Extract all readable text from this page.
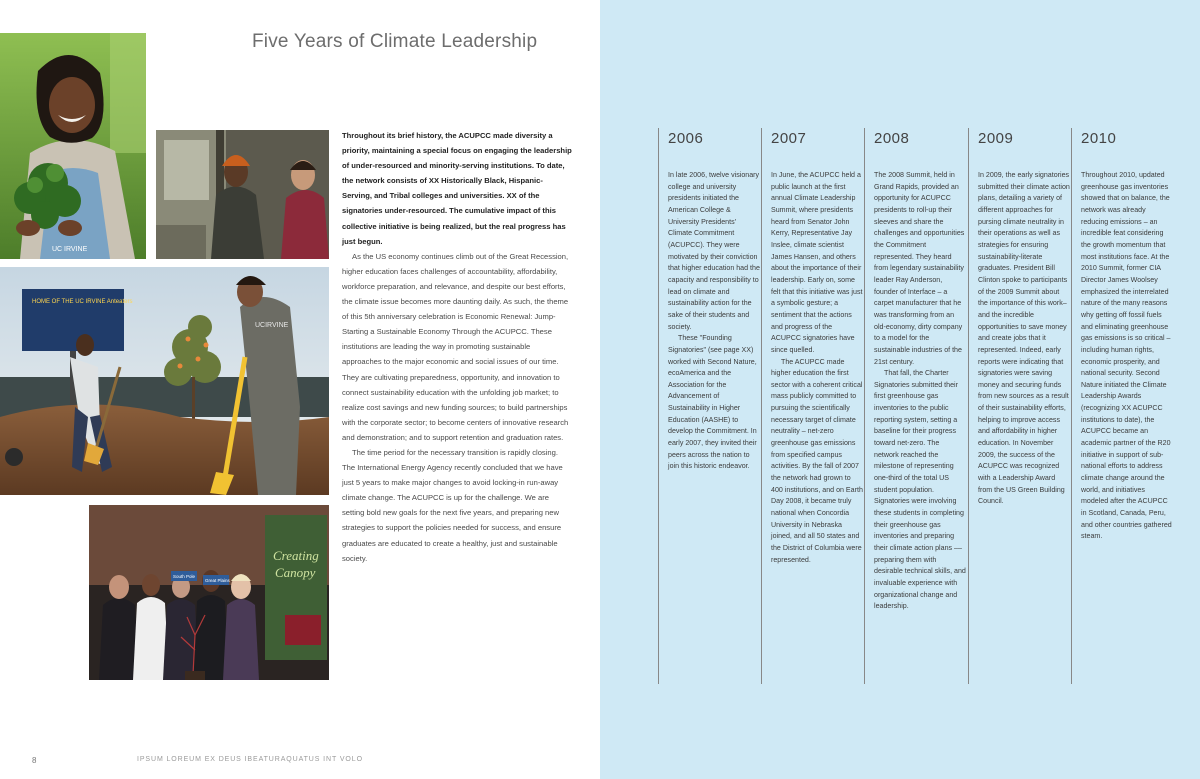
UC IRVINE
HOME OF THE UC IRVINE Anteaters
UCIRVINE
Creating
Canopy
South Pole
Great Plains
Five Years of Climate Leadership

Throughout its brief history, the ACUPCC made diversity a priority, maintaining a special focus on engaging the leadership of under-resourced and minority-serving institutions. To date, the network consists of XX Historically Black, Hispanic-Serving, and Tribal colleges and universities. XX of the signatories under-resourced. The cumulative impact of this collective initiative is being realized, but the real progress has just begun.

As the US economy continues climb out of the Great Recession, higher education faces challenges of accountability, affordability, workforce preparation, and relevance, and despite our best efforts, the climate issue becomes more daunting daily. As such, the theme of this 5th anniversary celebration is Economic Renewal: Jump-Starting a Sustainable Economy Through the ACUPCC. These institutions are leading the way in promoting sustainable approaches to the major economic and social issues of our time. They are cultivating preparedness, opportunity, and innovation to connect sustainability education with the unfolding job market; to realize cost savings and new funding sources; to build partnerships with the corporate sector; to become centers of innovative research and demonstration; and to support retention and graduation rates.

The time period for the necessary transition is rapidly closing. The International Energy Agency recently concluded that we have just 5 years to make major changes to avoid locking-in run-away climate change. The ACUPCC is up for the challenge. We are setting bold new goals for the next five years, and preparing new strategies to support the policies needed for success, and ensure graduates are educated to create a healthy, just and sustainable society.

8	IPSUM LOREUM EX DEUS IBEATURAQUATUS INT VOLO
2006

In late 2006, twelve visionary college and university presidents initiated the American College & University Presidents' Climate Commitment (ACUPCC). They were motivated by their conviction that higher education had the capacity and responsibility to lead on climate and sustainability action for the sake of their students and society.

These "Founding Signatories" (see page XX) worked with Second Nature, ecoAmerica and the Association for the Advancement of Sustainability in Higher Education (AASHE) to develop the Commitment. In early 2007, they invited their peers across the nation to join this historic endeavor.

2007

In June, the ACUPCC held a public launch at the first annual Climate Leadership Summit, where presidents heard from Senator John Kerry, Representative Jay Inslee, climate scientist James Hansen, and others about the importance of their leadership. Early on, some felt that this initiative was just a symbolic gesture; a sentiment that the actions and progress of the ACUPCC signatories have since quelled.

The ACUPCC made higher education the first sector with a coherent critical mass publicly committed to pursuing the scientifically necessary target of climate neutrality – net-zero greenhouse gas emissions from specified campus activities. By the fall of 2007 the network had grown to 400 institutions, and on Earth Day 2008, it became truly national when Concordia University in Nebraska joined, and all 50 states and the District of Columbia were represented.

2008

The 2008 Summit, held in Grand Rapids, provided an opportunity for ACUPCC presidents to roll-up their sleeves and share the challenges and opportunities the Commitment represented. They heard from legendary sustainability leader Ray Anderson, founder of Interface – a carpet manufacturer that he was transforming from an old-economy, dirty company to a model for the sustainable industries of the 21st century.

That fall, the Charter Signatories submitted their first greenhouse gas inventories to the public reporting system, setting a baseline for their progress toward net-zero. The network reached the milestone of representing one-third of the total US student population. Signatories were involving these students in completing their greenhouse gas inventories and preparing their climate action plans –– preparing them with desirable technical skills, and invaluable experience with organizational change and leadership.

2009

In 2009, the early signatories submitted their climate action plans, detailing a variety of different approaches for pursing climate neutrality in their operations as well as strategies for ensuring sustainability-literate graduates. President Bill Clinton spoke to participants of the 2009 Summit about the importance of this work– and the incredible opportunities to save money and create jobs that it represented. Indeed, early reports were indicating that signatories were saving money and securing funds from new sources as a result of their sustainability efforts, helping to improve access and affordability in higher education. In November 2009, the success of the ACUPCC was recognized with a Leadership Award from the US Green Building Council.

2010

Throughout 2010, updated greenhouse gas inventories showed that on balance, the network was already reducing emissions – an incredible feat considering the growth momentum that most institutions face. At the 2010 Summit, former CIA Director James Woolsey emphasized the interrelated nature of the many reasons why getting off fossil fuels and eliminating greenhouse gas emissions is so critical – including human rights, economic prosperity, and national security. Second Nature initiated the Climate Leadership Awards (recognizing XX ACUPCC institutions to date), the ACUPCC became an academic partner of the R20 initiative in support of sub-national efforts to address climate change around the world, and initiatives modeled after the ACUPCC in Scotland, Canada, Peru, and other countries gathered steam.
